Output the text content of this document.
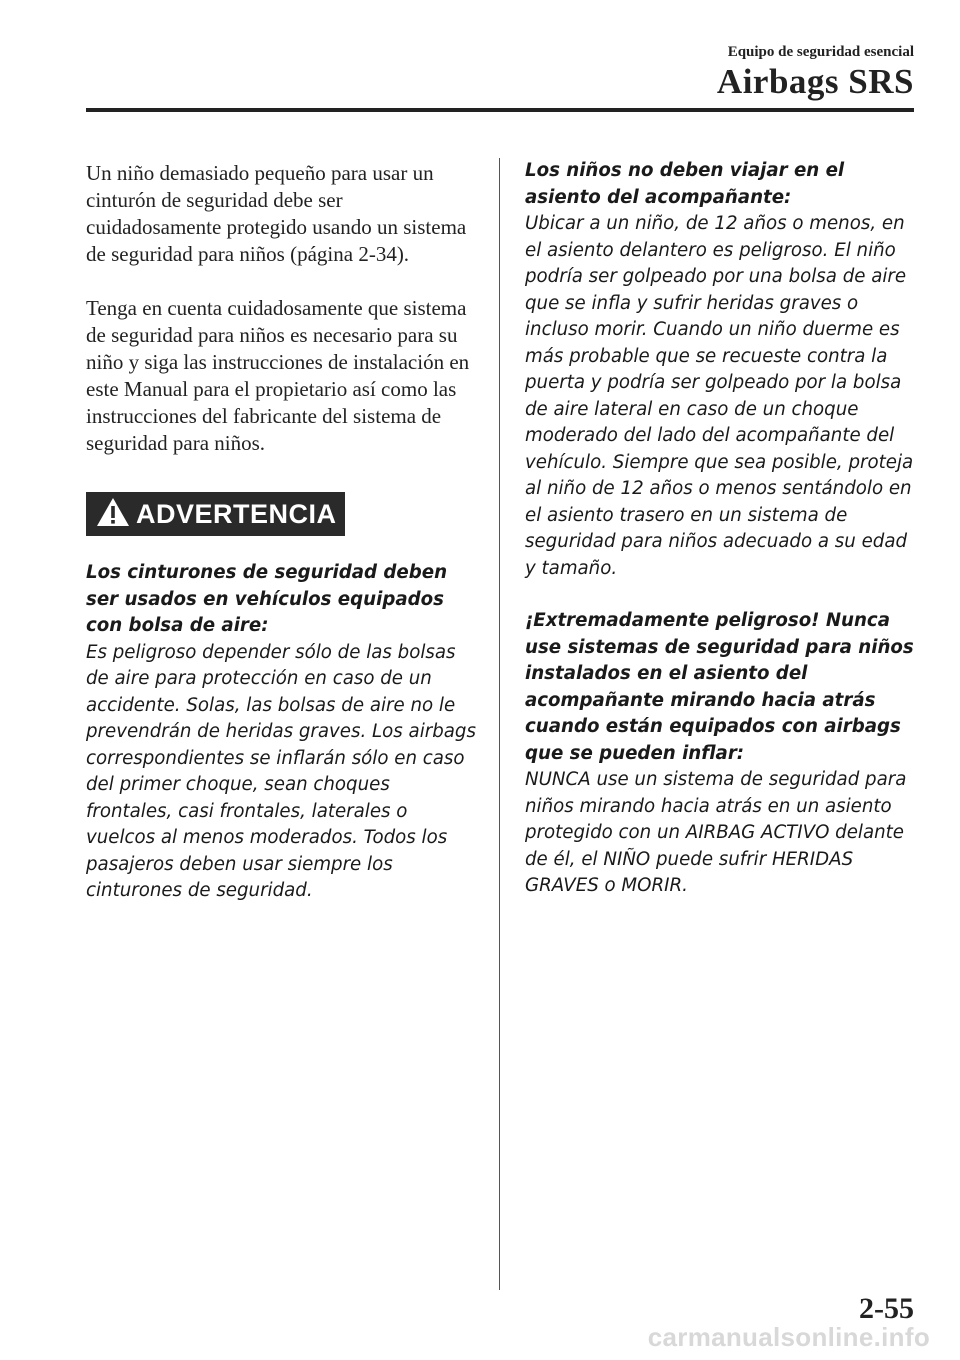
Equipo de seguridad esencial
Airbags SRS

Un niño demasiado pequeño para usar un cinturón de seguridad debe ser cuidadosamente protegido usando un sistema de seguridad para niños (página 2-34).

Tenga en cuenta cuidadosamente que sistema de seguridad para niños es necesario para su niño y siga las instrucciones de instalación en este Manual para el propietario así como las instrucciones del fabricante del sistema de seguridad para niños.

ADVERTENCIA

Los cinturones de seguridad deben ser usados en vehículos equipados con bolsa de aire:

Es peligroso depender sólo de las bolsas de aire para protección en caso de un accidente. Solas, las bolsas de aire no le prevendrán de heridas graves. Los airbags correspondientes se inflarán sólo en caso del primer choque, sean choques frontales, casi frontales, laterales o vuelcos al menos moderados. Todos los pasajeros deben usar siempre los cinturones de seguridad.

Los niños no deben viajar en el asiento del acompañante:

Ubicar a un niño, de 12 años o menos, en el asiento delantero es peligroso. El niño podría ser golpeado por una bolsa de aire que se infla y sufrir heridas graves o incluso morir. Cuando un niño duerme es más probable que se recueste contra la puerta y podría ser golpeado por la bolsa de aire lateral en caso de un choque moderado del lado del acompañante del vehículo. Siempre que sea posible, proteja al niño de 12 años o menos sentándolo en el asiento trasero en un sistema de seguridad para niños adecuado a su edad y tamaño.

¡Extremadamente peligroso! Nunca use sistemas de seguridad para niños instalados en el asiento del acompañante mirando hacia atrás cuando están equipados con airbags que se pueden inflar:

NUNCA use un sistema de seguridad para niños mirando hacia atrás en un asiento protegido con un AIRBAG ACTIVO delante de él, el NIÑO puede sufrir HERIDAS GRAVES o MORIR.

2-55
carmanualsonline.info
